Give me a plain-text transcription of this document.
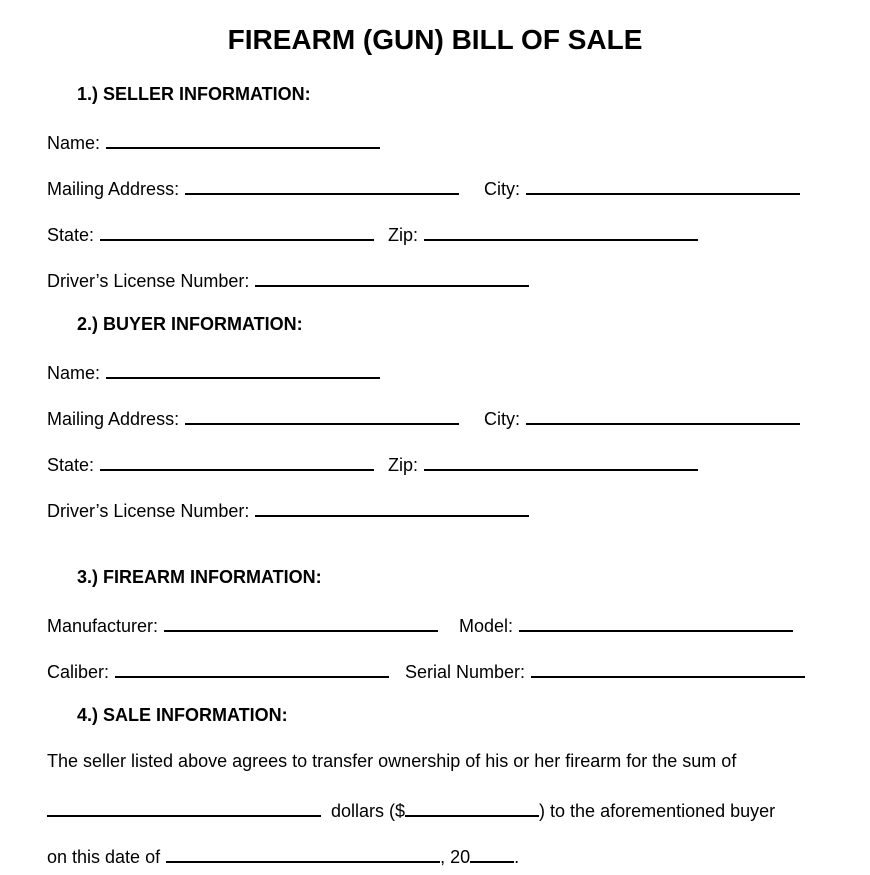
FIREARM (GUN) BILL OF SALE
1.) SELLER INFORMATION:
Name:
Mailing Address:	City:
State:	Zip:
Driver’s License Number:
2.) BUYER INFORMATION:
Name:
Mailing Address:	City:
State:	Zip:
Driver’s License Number:
3.) FIREARM INFORMATION:
Manufacturer:	Model:
Caliber:	Serial Number:
4.) SALE INFORMATION:
The seller listed above agrees to transfer ownership of his or her firearm for the sum of
dollars ($	) to the aforementioned buyer
on this date of	, 20 .
